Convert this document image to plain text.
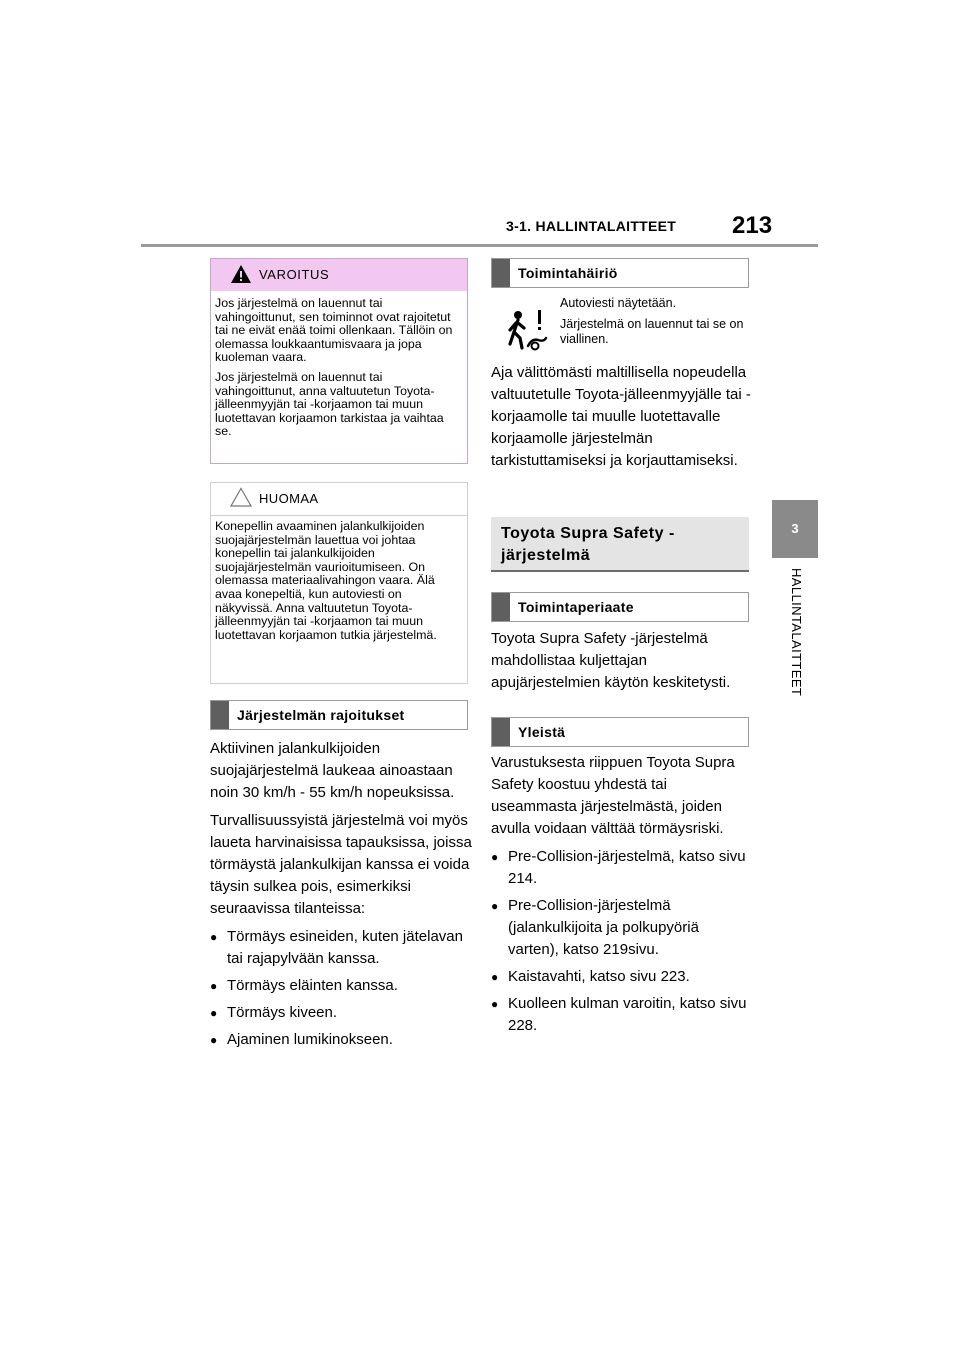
3-1. HALLINTALAITTEET 213
3
HALLINTALAITTEET
VAROITUS

Jos järjestelmä on lauennut tai vahingoittunut, sen toiminnot ovat rajoitetut tai ne eivät enää toimi ollenkaan. Tällöin on olemassa loukkaantumisvaara ja jopa kuoleman vaara.

Jos järjestelmä on lauennut tai vahingoittunut, anna valtuutetun Toyota-jälleenmyyjän tai -korjaamon tai muun luotettavan korjaamon tarkistaa ja vaihtaa se.

HUOMAA
Konepellin avaaminen jalankulkijoiden suojajärjestelmän lauettua voi johtaa konepellin tai jalankulkijoiden suojajärjestelmän vaurioitumiseen. On olemassa materiaalivahingon vaara. Älä avaa konepeltiä, kun autoviesti on näkyvissä. Anna valtuutetun Toyota-jälleenmyyjän tai -korjaamon tai muun luotettavan korjaamon tutkia järjestelmä.
Järjestelmän rajoitukset

Aktiivinen jalankulkijoiden suojajärjestelmä laukeaa ainoastaan noin 30 km/h - 55 km/h nopeuksissa.

Turvallisuussyistä järjestelmä voi myös laueta harvinaisissa tapauksissa, joissa törmäystä jalankulkijan kanssa ei voida täysin sulkea pois, esimerkiksi seuraavissa tilanteissa:

● Törmäys esineiden, kuten jätelavan tai rajapylvään kanssa.
● Törmäys eläinten kanssa.
● Törmäys kiveen.
● Ajaminen lumikinokseen.
Toimintahäiriö

Autoviesti näytetään.

Järjestelmä on lauennut tai se on viallinen.

Aja välittömästi maltillisella nopeudella valtuutetulle Toyota-jälleenmyyjälle tai -korjaamolle tai muulle luotettavalle korjaamolle järjestelmän tarkistuttamiseksi ja korjauttamiseksi.
Toyota Supra Safety -järjestelmä
Toimintaperiaate
Toyota Supra Safety -järjestelmä mahdollistaa kuljettajan apujärjestelmien käytön keskitetysti.
Yleistä

Varustuksesta riippuen Toyota Supra Safety koostuu yhdestä tai useammasta järjestelmästä, joiden avulla voidaan välttää törmäysriski.

● Pre-Collision-järjestelmä, katso sivu 214.
● Pre-Collision-järjestelmä (jalankulkijoita ja polkupyöriä varten), katso 219sivu.
● Kaistavahti, katso sivu 223.
● Kuolleen kulman varoitin, katso sivu 228.
